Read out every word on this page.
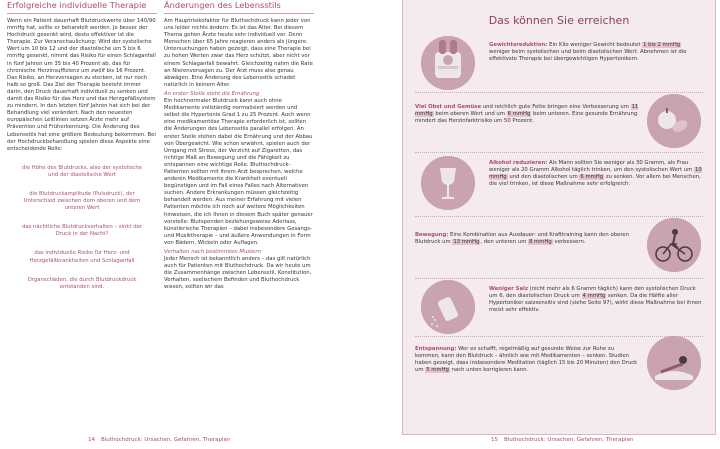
Erfolgreiche individuelle Therapie

Wenn ein Patient dauerhaft Blutdruckwerte über 140/90 mmHg hat, sollte er behandelt werden. Je besser der Hochdruck gesenkt wird, desto effektiver ist die Therapie. Zur Veranschaulichung: Wird der systolische Wert um 10 bis 12 und der diastolische um 5 bis 6 mmHg gesenkt, nimmt das Risiko für einen Schlaganfall in fünf Jahren um 35 bis 40 Prozent ab, das für chronische Herzinsuffizienz um zwölf bis 16 Prozent. Das Risiko, an Herzversagen zu sterben, ist nur noch halb so groß. Das Ziel der Therapie besteht immer darin, den Druck dauerhaft individuell zu senken und damit das Risiko für das Herz und das Herzgefäßsystem zu mindern. In den letzten fünf Jahren hat sich bei der Behandlung viel verändert. Nach den neuesten europäischen Leitlinien setzen Ärzte mehr auf Prävention und Früherkennung. Die Änderung des Lebensstils hat eine größere Bedeutung bekommen. Bei der Hochdruckbehandlung spielen diese Aspekte eine entscheidende Rolle:

die Höhe des Blutdrucks, also der systolische und der diastolische Wert
die Blutdruckamplitude (Pulsdruck), der Unterschied zwischen dem oberen und dem unteren Wert
das nächtliche Blutdruckverhalten – sinkt der Druck in der Nacht?
das individuelle Risiko für Herz- und Herzgefäßkrankheiten und Schlaganfall
Organschäden, die durch Blutdruckdruck entstanden sind.
Änderungen des Lebensstils

Am Hauptrisikofaktor für Bluthochdruck kann jeder von uns leider nichts ändern: Es ist das Alter. Bei diesem Thema gehen Ärzte heute sehr individuell vor. Denn Menschen über 65 Jahre reagieren anders als jüngere. Untersuchungen haben gezeigt, dass eine Therapie bei zu hohen Werten zwar das Herz schützt, aber nicht vor einem Schlaganfall bewahrt. Gleichzeitig nahm die Rate an Nierenversagen zu. Der Arzt muss also genau abwägen. Eine Änderung des Lebensstils schadet natürlich in keinem Alter.

An erster Stelle steht die Ernährung

Ein hochnormaler Blutdruck kann auch ohne Medikamente vollständig normalisiert werden und selbst die Hypertonie Grad 1 zu 25 Prozent. Auch wenn eine medikamentöse Therapie erforderlich ist, sollten die Änderungen des Lebensstils parallel erfolgen. An erster Stelle stehen dabei die Ernährung und der Abbau von Übergewicht. Wie schon erwähnt, spielen auch der Umgang mit Stress, der Verzicht auf Zigaretten, das richtige Maß an Bewegung und die Fähigkeit zu entspannen eine wichtige Rolle. Bluthochdruck-Patienten sollten mit ihrem Arzt besprechen, welche anderen Medikamente die Krankheit eventuell begünstigen und im Fall eines Falles nach Alternativen suchen. Andere Erkrankungen müssen gleichzeitig behandelt werden. Aus meiner Erfahrung mit vielen Patienten möchte ich noch auf weitere Möglichkeiten hinweisen, die ich Ihnen in diesem Buch später genauer vorstelle: Blutspenden beziehungsweise Aderlass, künstlerische Therapien – dabei insbesondere Gesangs- und Musiktherapie – und äußere Anwendungen in Form von Bädern, Wickeln oder Auflagen.

Verhalten nach bestimmten Mustern

Jeder Mensch ist bekanntlich anders – das gilt natürlich auch für Patienten mit Bluthochdruck. Da wir heute um die Zusammenhänge zwischen Lebensstil, Konstitution, Verhalten, seelischem Befinden und Bluthochdruck wissen, sollten wir das

14 Bluthochdruck: Ursachen, Gefahren, Therapien
Das können Sie erreichen
Gewichtsreduktion: Ein Kilo weniger Gewicht bedeutet 1 bis 2 mmHg weniger beim systolischen und beim diastolischen Wert. Abnehmen ist die effektivste Therapie bei übergewichtigen Hypertonikern.
Viel Obst und Gemüse und reichlich gute Fette bringen eine Verbesserung um 11 mmHg beim oberen Wert und um 6 mmHg beim unteren. Eine gesunde Ernährung mindert das Herzinfarktrisiko um 50 Prozent.
Alkohol reduzieren: Als Mann sollten Sie weniger als 30 Gramm, als Frau weniger als 20 Gramm Alkohol täglich trinken, um den systolischen Wert um 10 mmHg und den diastolischen um 6 mmHg zu senken. Vor allem bei Menschen, die viel trinken, ist diese Maßnahme sehr erfolgreich.
Bewegung: Eine Kombination aus Ausdauer- und Krafttraining kann den oberen Blutdruck um 13 mmHg, den unteren um 8 mmHg verbessern.
Weniger Salz (nicht mehr als 6 Gramm täglich) kann den systolischen Druck um 6, den diastolischen Druck um 4 mmHg senken. Da die Hälfte aller Hypertoniker salzsensitiv sind (siehe Seite 97), wirkt diese Maßnahme bei ihnen meist sehr effektiv.
Entspannung: Wer es schafft, regelmäßig auf gesunde Weise zur Ruhe zu kommen, kann den Blutdruck – ähnlich wie mit Medikamenten – senken. Studien haben gezeigt, dass insbesondere Meditation (täglich 15 bis 20 Minuten) den Druck um 5 mmHg nach unten korrigieren kann.
15 Bluthochdruck: Ursachen, Gefahren, Therapien
